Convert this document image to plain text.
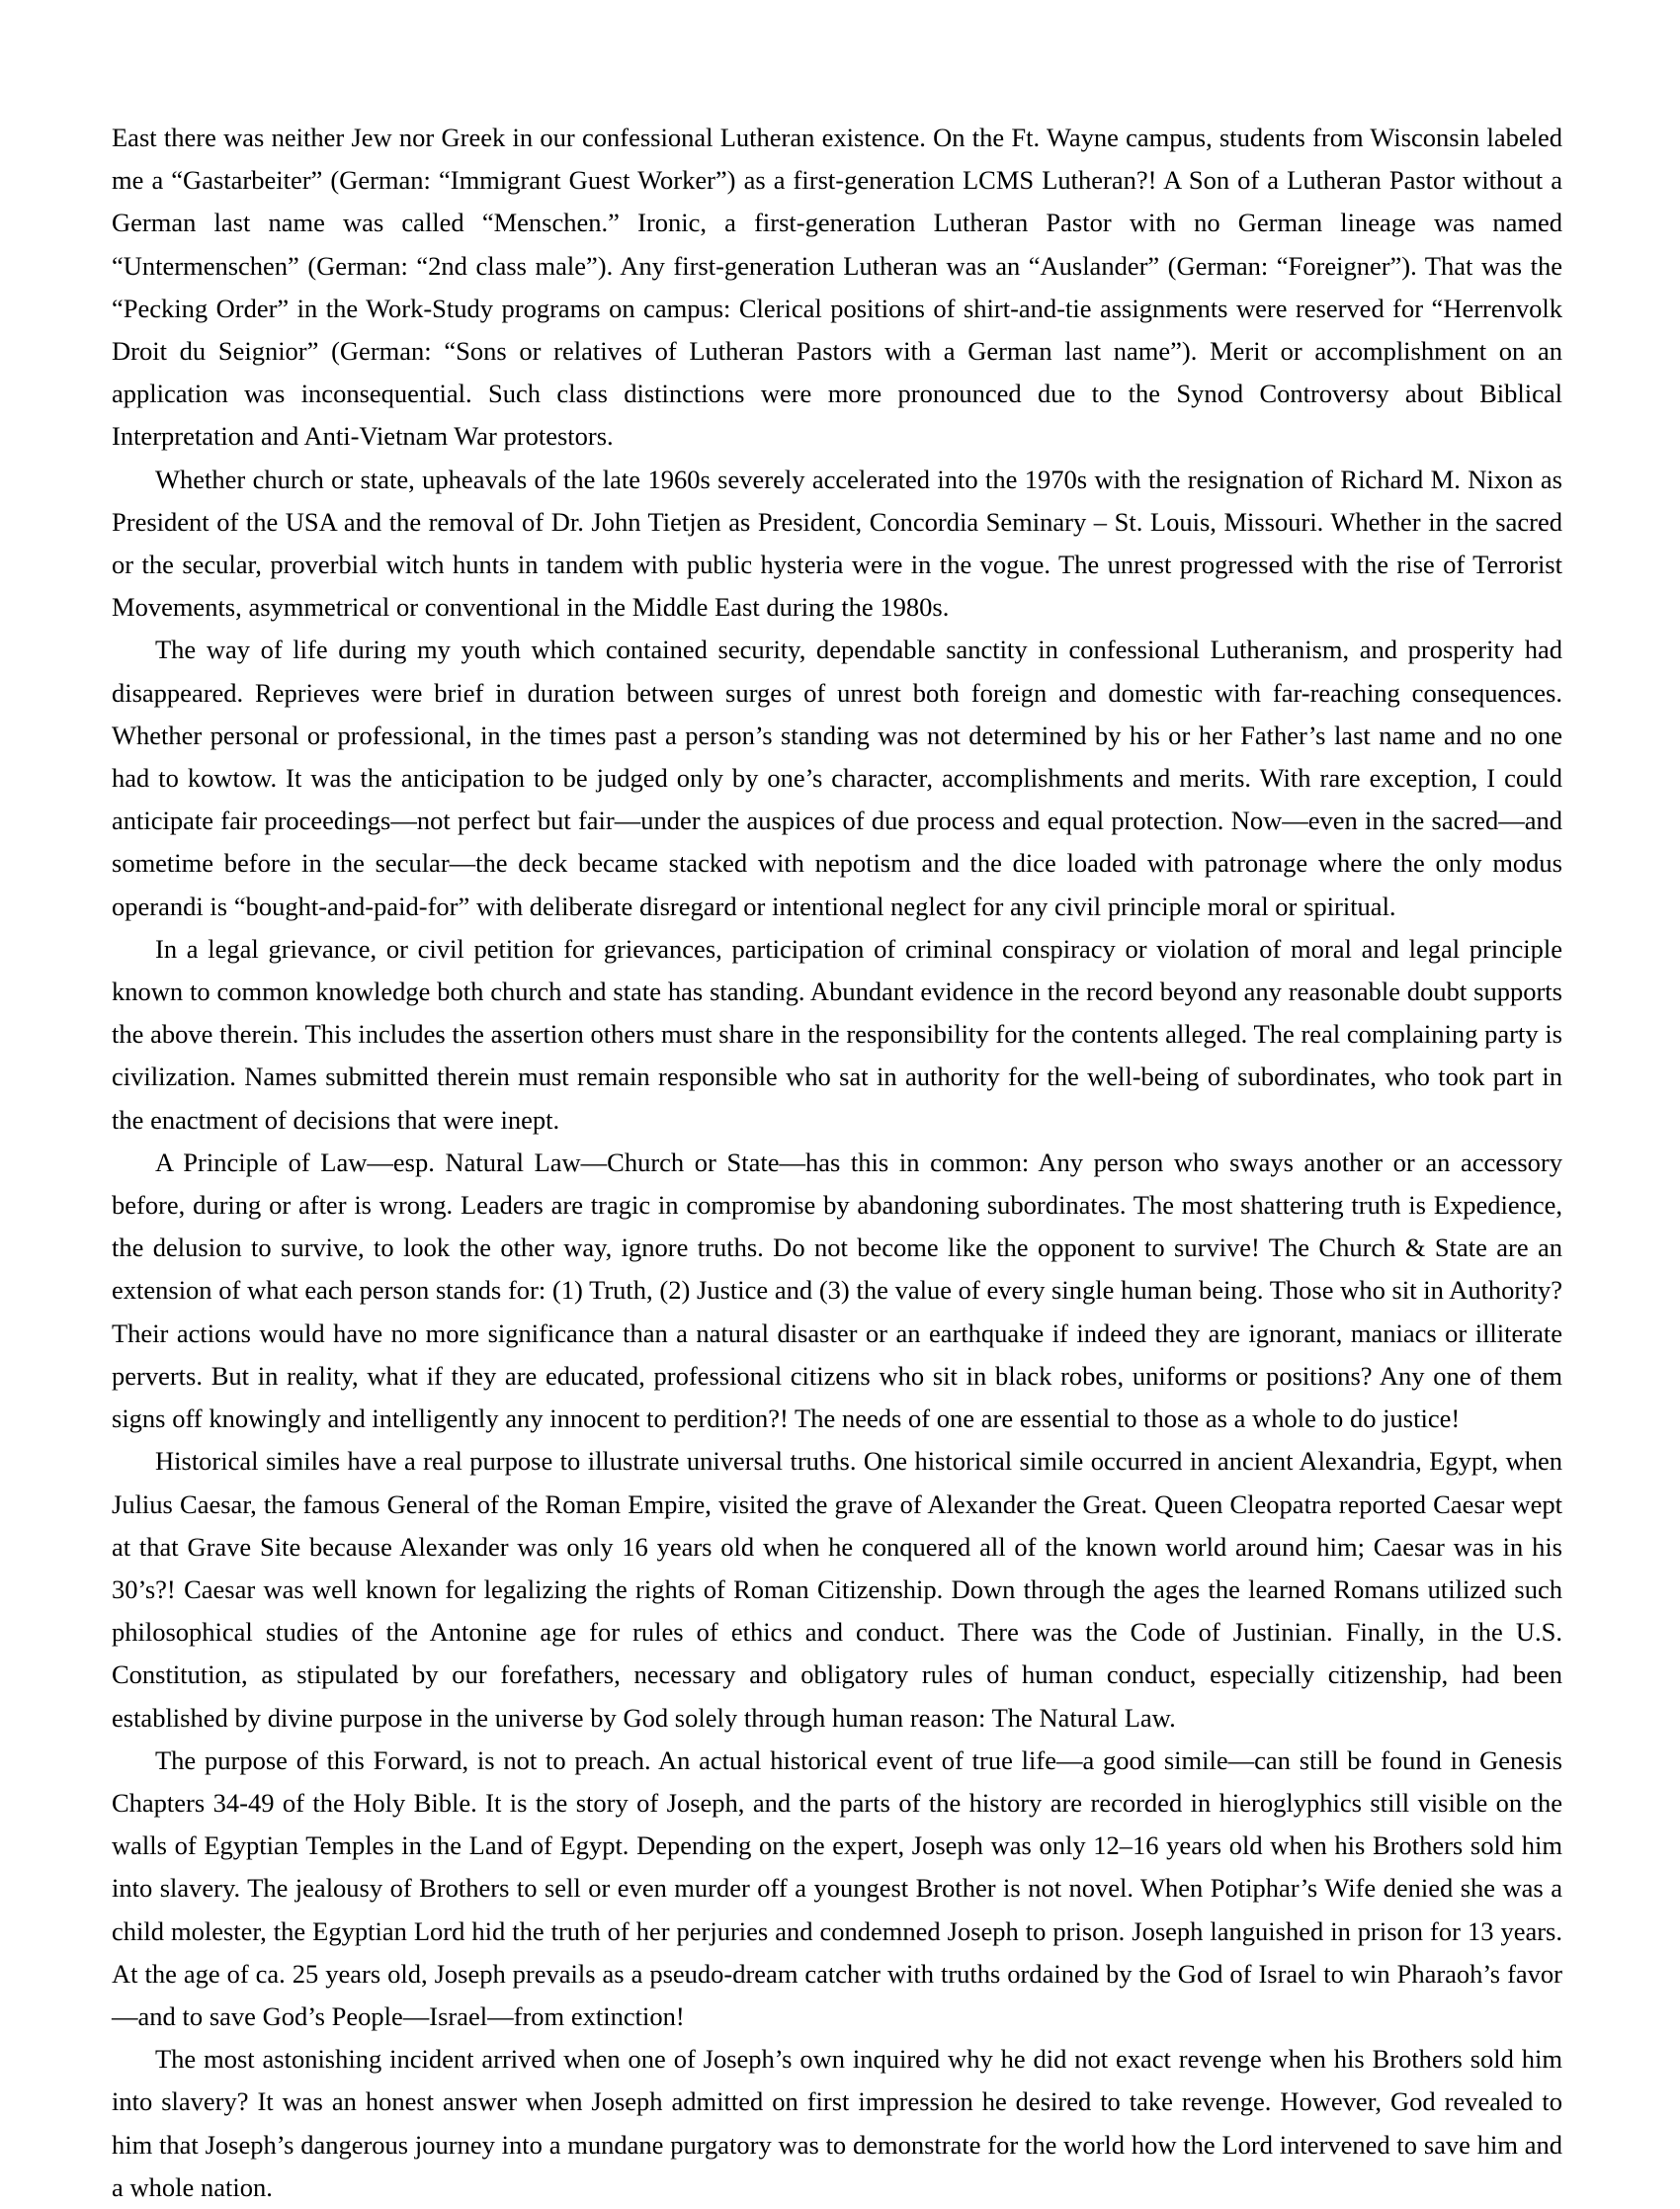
East there was neither Jew nor Greek in our confessional Lutheran existence. On the Ft. Wayne campus, students from Wisconsin labeled me a “Gastarbeiter” (German: “Immigrant Guest Worker”) as a first-generation LCMS Lutheran?! A Son of a Lutheran Pastor without a German last name was called “Menschen.” Ironic, a first-generation Lutheran Pastor with no German lineage was named “Untermenschen” (German: “2nd class male”). Any first-generation Lutheran was an “Auslander” (German: “Foreigner”). That was the “Pecking Order” in the Work-Study programs on campus: Clerical positions of shirt-and-tie assignments were reserved for “Herrenvolk Droit du Seignior” (German: “Sons or relatives of Lutheran Pastors with a German last name”). Merit or accomplishment on an application was inconsequential. Such class distinctions were more pronounced due to the Synod Controversy about Biblical Interpretation and Anti-Vietnam War protestors.

Whether church or state, upheavals of the late 1960s severely accelerated into the 1970s with the resignation of Richard M. Nixon as President of the USA and the removal of Dr. John Tietjen as President, Concordia Seminary – St. Louis, Missouri. Whether in the sacred or the secular, proverbial witch hunts in tandem with public hysteria were in the vogue. The unrest progressed with the rise of Terrorist Movements, asymmetrical or conventional in the Middle East during the 1980s.

The way of life during my youth which contained security, dependable sanctity in confessional Lutheranism, and prosperity had disappeared. Reprieves were brief in duration between surges of unrest both foreign and domestic with far-reaching consequences. Whether personal or professional, in the times past a person’s standing was not determined by his or her Father’s last name and no one had to kowtow. It was the anticipation to be judged only by one’s character, accomplishments and merits. With rare exception, I could anticipate fair proceedings—not perfect but fair—under the auspices of due process and equal protection. Now—even in the sacred—and sometime before in the secular—the deck became stacked with nepotism and the dice loaded with patronage where the only modus operandi is “bought-and-paid-for” with deliberate disregard or intentional neglect for any civil principle moral or spiritual.

In a legal grievance, or civil petition for grievances, participation of criminal conspiracy or violation of moral and legal principle known to common knowledge both church and state has standing. Abundant evidence in the record beyond any reasonable doubt supports the above therein. This includes the assertion others must share in the responsibility for the contents alleged. The real complaining party is civilization. Names submitted therein must remain responsible who sat in authority for the well-being of subordinates, who took part in the enactment of decisions that were inept.

A Principle of Law—esp. Natural Law—Church or State—has this in common: Any person who sways another or an accessory before, during or after is wrong. Leaders are tragic in compromise by abandoning subordinates. The most shattering truth is Expedience, the delusion to survive, to look the other way, ignore truths. Do not become like the opponent to survive! The Church & State are an extension of what each person stands for: (1) Truth, (2) Justice and (3) the value of every single human being. Those who sit in Authority? Their actions would have no more significance than a natural disaster or an earthquake if indeed they are ignorant, maniacs or illiterate perverts. But in reality, what if they are educated, professional citizens who sit in black robes, uniforms or positions? Any one of them signs off knowingly and intelligently any innocent to perdition?! The needs of one are essential to those as a whole to do justice!

Historical similes have a real purpose to illustrate universal truths. One historical simile occurred in ancient Alexandria, Egypt, when Julius Caesar, the famous General of the Roman Empire, visited the grave of Alexander the Great. Queen Cleopatra reported Caesar wept at that Grave Site because Alexander was only 16 years old when he conquered all of the known world around him; Caesar was in his 30’s?! Caesar was well known for legalizing the rights of Roman Citizenship. Down through the ages the learned Romans utilized such philosophical studies of the Antonine age for rules of ethics and conduct. There was the Code of Justinian. Finally, in the U.S. Constitution, as stipulated by our forefathers, necessary and obligatory rules of human conduct, especially citizenship, had been established by divine purpose in the universe by God solely through human reason: The Natural Law.

The purpose of this Forward, is not to preach. An actual historical event of true life—a good simile—can still be found in Genesis Chapters 34-49 of the Holy Bible. It is the story of Joseph, and the parts of the history are recorded in hieroglyphics still visible on the walls of Egyptian Temples in the Land of Egypt. Depending on the expert, Joseph was only 12–16 years old when his Brothers sold him into slavery. The jealousy of Brothers to sell or even murder off a youngest Brother is not novel. When Potiphar’s Wife denied she was a child molester, the Egyptian Lord hid the truth of her perjuries and condemned Joseph to prison. Joseph languished in prison for 13 years. At the age of ca. 25 years old, Joseph prevails as a pseudo-dream catcher with truths ordained by the God of Israel to win Pharaoh’s favor—and to save God’s People—Israel—from extinction!

The most astonishing incident arrived when one of Joseph’s own inquired why he did not exact revenge when his Brothers sold him into slavery? It was an honest answer when Joseph admitted on first impression he desired to take revenge. However, God revealed to him that Joseph’s dangerous journey into a mundane purgatory was to demonstrate for the world how the Lord intervened to save him and a whole nation.
